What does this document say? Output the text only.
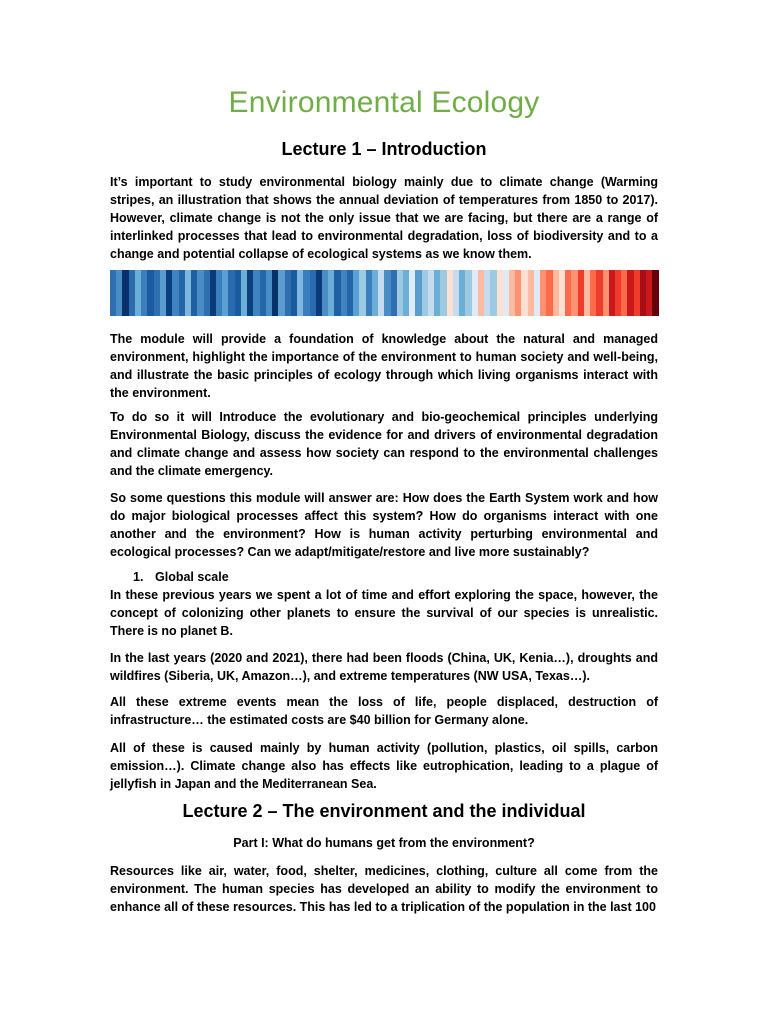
Environmental Ecology
Lecture 1 – Introduction

It’s important to study environmental biology mainly due to climate change (Warming stripes, an illustration that shows the annual deviation of temperatures from 1850 to 2017). However, climate change is not the only issue that we are facing, but there are a range of interlinked processes that lead to environmental degradation, loss of biodiversity and to a change and potential collapse of ecological systems as we know them.

The module will provide a foundation of knowledge about the natural and managed environment, highlight the importance of the environment to human society and well-being, and illustrate the basic principles of ecology through which living organisms interact with the environment.

To do so it will Introduce the evolutionary and bio-geochemical principles underlying Environmental Biology, discuss the evidence for and drivers of environmental degradation and climate change and assess how society can respond to the environmental challenges and the climate emergency.

So some questions this module will answer are: How does the Earth System work and how do major biological processes affect this system? How do organisms interact with one another and the environment? How is human activity perturbing environmental and ecological processes? Can we adapt/mitigate/restore and live more sustainably?

1. Global scale

In these previous years we spent a lot of time and effort exploring the space, however, the concept of colonizing other planets to ensure the survival of our species is unrealistic. There is no planet B.

In the last years (2020 and 2021), there had been floods (China, UK, Kenia…), droughts and wildfires (Siberia, UK, Amazon…), and extreme temperatures (NW USA, Texas…).

All these extreme events mean the loss of life, people displaced, destruction of infrastructure… the estimated costs are $40 billion for Germany alone.

All of these is caused mainly by human activity (pollution, plastics, oil spills, carbon emission…). Climate change also has effects like eutrophication, leading to a plague of jellyfish in Japan and the Mediterranean Sea.

Lecture 2 – The environment and the individual
Part I: What do humans get from the environment?

Resources like air, water, food, shelter, medicines, clothing, culture all come from the environment. The human species has developed an ability to modify the environment to enhance all of these resources. This has led to a triplication of the population in the last 100
